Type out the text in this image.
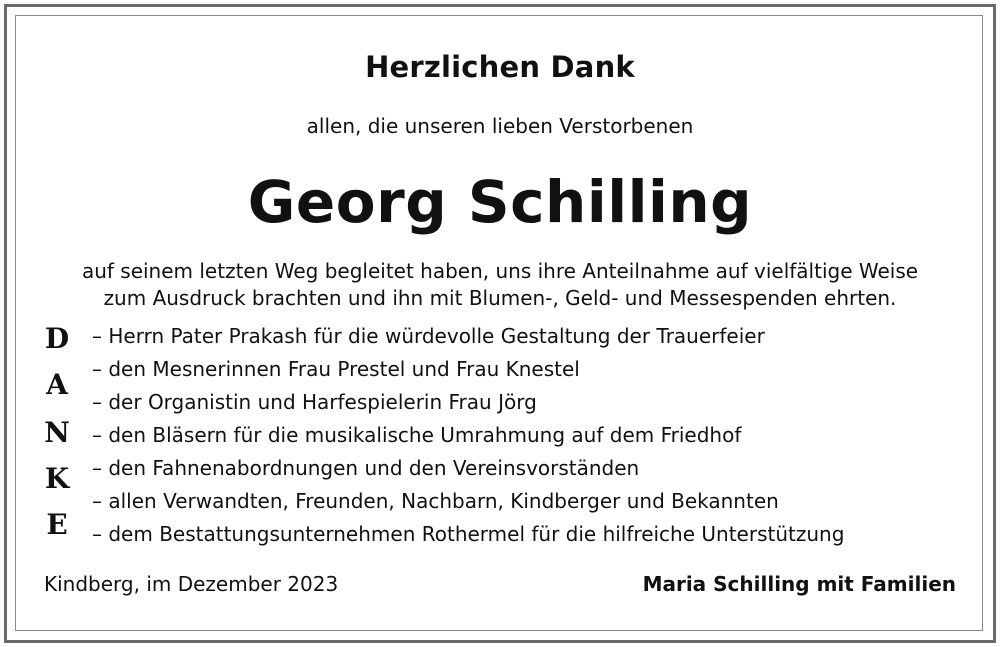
Herzlichen Dank
allen, die unseren lieben Verstorbenen
Georg Schilling
auf seinem letzten Weg begleitet haben, uns ihre Anteilnahme auf vielfältige Weise
zum Ausdruck brachten und ihn mit Blumen-, Geld- und Messespenden ehrten.
D
A
N
K
E
– Herrn Pater Prakash für die würdevolle Gestaltung der Trauerfeier
– den Mesnerinnen Frau Prestel und Frau Knestel
– der Organistin und Harfespielerin Frau Jörg
– den Bläsern für die musikalische Umrahmung auf dem Friedhof
– den Fahnenabordnungen und den Vereinsvorständen
– allen Verwandten, Freunden, Nachbarn, Kindberger und Bekannten
– dem Bestattungsunternehmen Rothermel für die hilfreiche Unterstützung
Kindberg, im Dezember 2023	Maria Schilling mit Familien
